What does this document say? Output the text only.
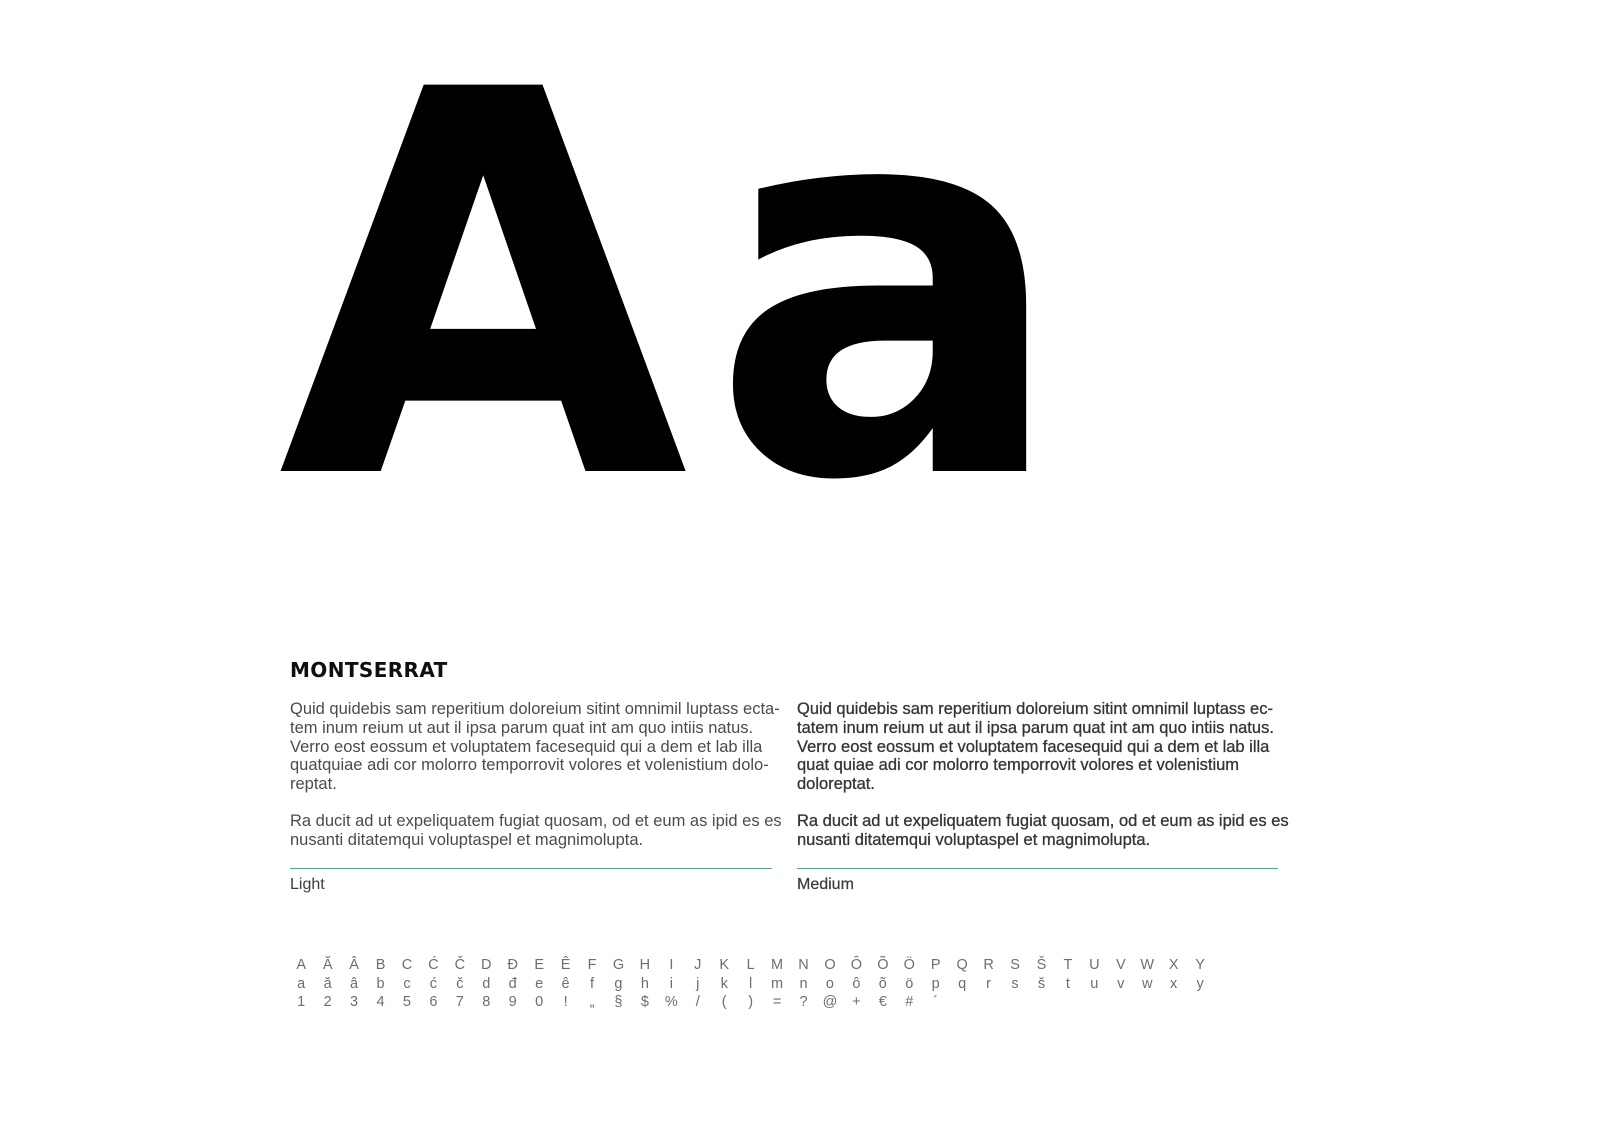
Aa
MONTSERRAT
Quid quidebis sam reperitium doloreium sitint omnimil luptass ecta-
tem inum reium ut aut il ipsa parum quat int am quo intiis natus.
Verro eost eossum et voluptatem facesequid qui a dem et lab illa
quatquiae adi cor molorro temporrovit volores et volenistium dolo-
reptat.
Ra ducit ad ut expeliquatem fugiat quosam, od et eum as ipid es es
nusanti ditatemqui voluptaspel et magnimolupta.
Light
Quid quidebis sam reperitium doloreium sitint omnimil luptass ec-
tatem inum reium ut aut il ipsa parum quat int am quo intiis natus.
Verro eost eossum et voluptatem facesequid qui a dem et lab illa
quat quiae adi cor molorro temporrovit volores et volenistium
doloreptat.
Ra ducit ad ut expeliquatem fugiat quosam, od et eum as ipid es es
nusanti ditatemqui voluptaspel et magnimolupta.
Medium
A	Ă	Â	B	C	Ć	Č	D	Đ	E	Ê	F	G	H	I	J	K	L	M	N	O	Ô	Õ	Ö	P	Q	R	S	Š	T	U	V	W	X	Y
a	ă	â	b	c	ć	č	d	đ	e	ê	f	g	h	i	j	k	l	m	n	o	ô	õ	ö	p	q	r	s	š	t	u	v	w	x	y
1	2	3	4	5	6	7	8	9	0	!	„	§	$	%	/	(	)	=	?	@	+	€	#	´
